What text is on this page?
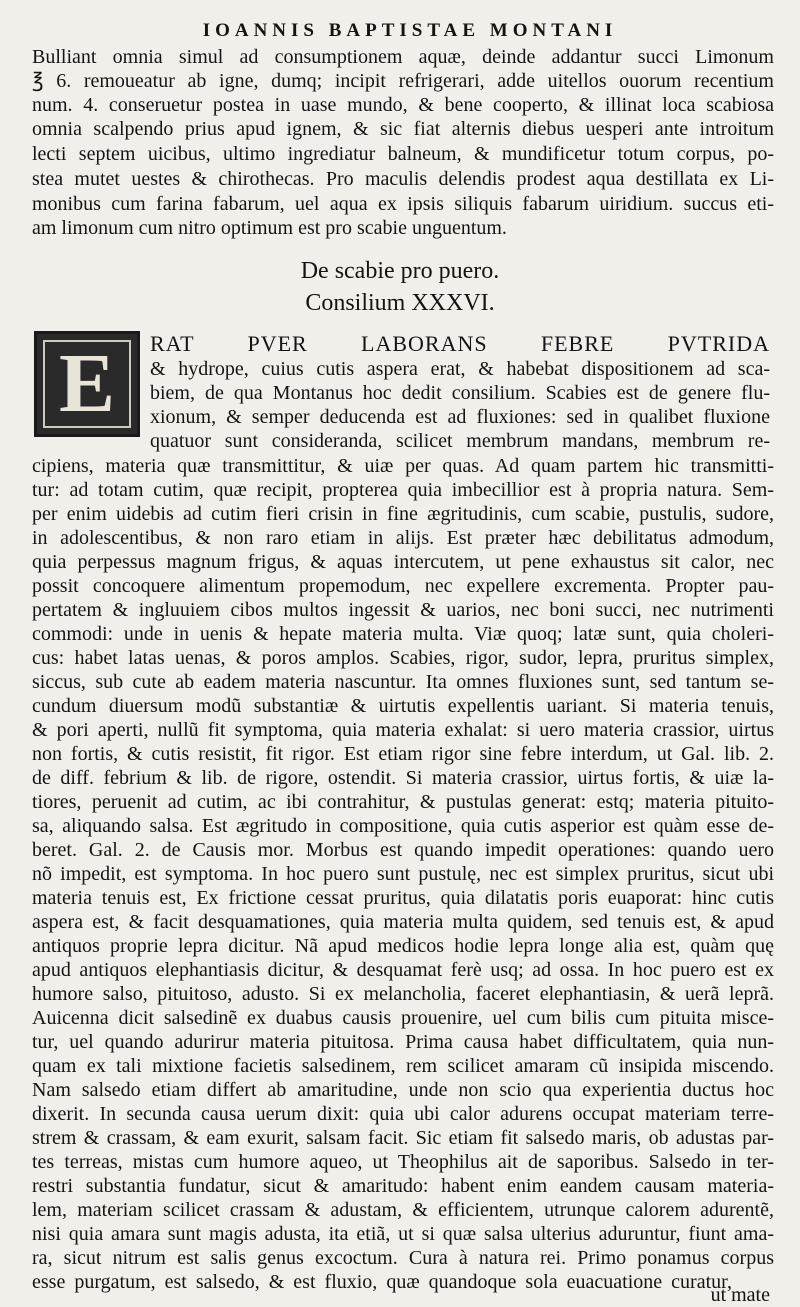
IOANNIS BAPTISTAE MONTANI
Bulliant omnia simul ad consumptionem aquæ, deinde addantur succi Limonum
℥ 6. remoueatur ab igne, dumq; incipit refrigerari, adde uitellos ouorum recentium
num. 4. conseruetur postea in uase mundo, & bene cooperto, & illinat loca scabiosa
omnia scalpendo prius apud ignem, & sic fiat alternis diebus uesperi ante introitum
lecti septem uicibus, ultimo ingrediatur balneum, & mundificetur totum corpus, po-
stea mutet uestes & chirothecas. Pro maculis delendis prodest aqua destillata ex Li-
monibus cum farina fabarum, uel aqua ex ipsis siliquis fabarum uiridium. succus eti-
am limonum cum nitro optimum est pro scabie unguentum.
De scabie pro puero.
Consilium XXXVI.
E	RAT PVER LABORANS FEBRE PVTRIDA
& hydrope, cuius cutis aspera erat, & habebat dispositionem ad sca-
biem, de qua Montanus hoc dedit consilium. Scabies est de genere flu-
xionum, & semper deducenda est ad fluxiones: sed in qualibet fluxione
quatuor sunt consideranda, scilicet membrum mandans, membrum re-
cipiens, materia quæ transmittitur, & uiæ per quas. Ad quam partem hic transmitti-
tur: ad totam cutim, quæ recipit, propterea quia imbecillior est à propria natura. Sem-
per enim uidebis ad cutim fieri crisin in fine ægritudinis, cum scabie, pustulis, sudore,
in adolescentibus, & non raro etiam in alijs. Est præter hæc debilitatus admodum,
quia perpessus magnum frigus, & aquas intercutem, ut pene exhaustus sit calor, nec
possit concoquere alimentum propemodum, nec expellere excrementa. Propter pau-
pertatem & ingluuiem cibos multos ingessit & uarios, nec boni succi, nec nutrimenti
commodi: unde in uenis & hepate materia multa. Viæ quoq; latæ sunt, quia choleri-
cus: habet latas uenas, & poros amplos. Scabies, rigor, sudor, lepra, pruritus simplex,
siccus, sub cute ab eadem materia nascuntur. Ita omnes fluxiones sunt, sed tantum se-
cundum diuersum modũ substantiæ & uirtutis expellentis uariant. Si materia tenuis,
& pori aperti, nullũ fit symptoma, quia materia exhalat: si uero materia crassior, uirtus
non fortis, & cutis resistit, fit rigor. Est etiam rigor sine febre interdum, ut Gal. lib. 2.
de diff. febrium & lib. de rigore, ostendit. Si materia crassior, uirtus fortis, & uiæ la-
tiores, peruenit ad cutim, ac ibi contrahitur, & pustulas generat: estq; materia pituito-
sa, aliquando salsa. Est ægritudo in compositione, quia cutis asperior est quàm esse de-
beret. Gal. 2. de Causis mor. Morbus est quando impedit operationes: quando uero
nõ impedit, est symptoma. In hoc puero sunt pustulę, nec est simplex pruritus, sicut ubi
materia tenuis est, Ex frictione cessat pruritus, quia dilatatis poris euaporat: hinc cutis
aspera est, & facit desquamationes, quia materia multa quidem, sed tenuis est, & apud
antiquos proprie lepra dicitur. Nã apud medicos hodie lepra longe alia est, quàm quę
apud antiquos elephantiasis dicitur, & desquamat ferè usq; ad ossa. In hoc puero est ex
humore salso, pituitoso, adusto. Si ex melancholia, faceret elephantiasin, & uerã leprã.
Auicenna dicit salsedinẽ ex duabus causis prouenire, uel cum bilis cum pituita misce-
tur, uel quando adurirur materia pituitosa. Prima causa habet difficultatem, quia nun-
quam ex tali mixtione facietis salsedinem, rem scilicet amaram cũ insipida miscendo.
Nam salsedo etiam differt ab amaritudine, unde non scio qua experientia ductus hoc
dixerit. In secunda causa uerum dixit: quia ubi calor adurens occupat materiam terre-
strem & crassam, & eam exurit, salsam facit. Sic etiam fit salsedo maris, ob adustas par-
tes terreas, mistas cum humore aqueo, ut Theophilus ait de saporibus. Salsedo in ter-
restri substantia fundatur, sicut & amaritudo: habent enim eandem causam materia-
lem, materiam scilicet crassam & adustam, & efficientem, utrunque calorem adurentẽ,
nisi quia amara sunt magis adusta, ita etiã, ut si quæ salsa ulterius aduruntur, fiunt ama-
ra, sicut nitrum est salis genus excoctum. Cura à natura rei. Primo ponamus corpus
esse purgatum, est salsedo, & est fluxio, quæ quandoque sola euacuatione curatur,
ut mate
